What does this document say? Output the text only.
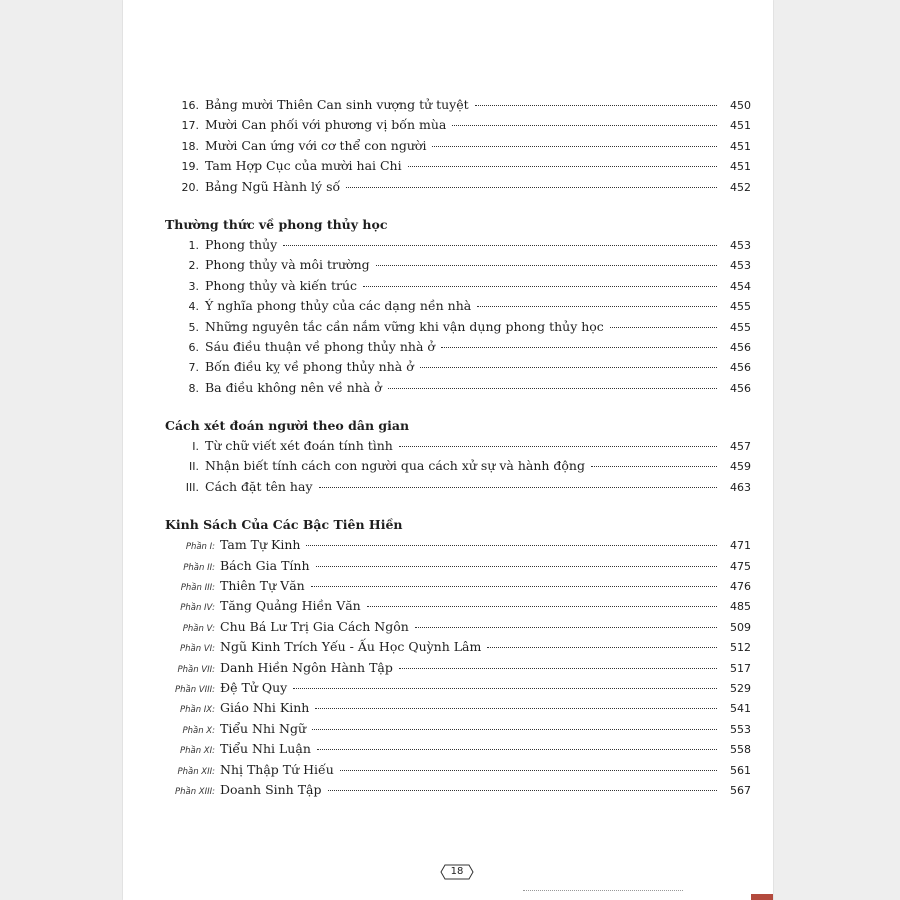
16. Bảng mười Thiên Can sinh vượng tử tuyệt	450
17. Mười Can phối với phương vị bốn mùa	451
18. Mười Can ứng với cơ thể con người	451
19. Tam Hợp Cục của mười hai Chi	451
20. Bảng Ngũ Hành lý số	452
Thường thức về phong thủy học
1. Phong thủy	453
2. Phong thủy và môi trường	453
3. Phong thủy và kiến trúc	454
4. Ý nghĩa phong thủy của các dạng nền nhà	455
5. Những nguyên tắc cần nắm vững khi vận dụng phong thủy học	455
6. Sáu điều thuận về phong thủy nhà ở	456
7. Bốn điều kỵ về phong thủy nhà ở	456
8. Ba điều không nên về nhà ở	456
Cách xét đoán người theo dân gian
I. Từ chữ viết xét đoán tính tình	457
II. Nhận biết tính cách con người qua cách xử sự và hành động	459
III. Cách đặt tên hay	463
Kinh Sách Của Các Bậc Tiên Hiền
Phần I: Tam Tự Kinh	471
Phần II: Bách Gia Tính	475
Phần III: Thiên Tự Văn	476
Phần IV: Tăng Quảng Hiền Văn	485
Phần V: Chu Bá Lư Trị Gia Cách Ngôn	509
Phần VI: Ngũ Kinh Trích Yếu - Ấu Học Quỳnh Lâm	512
Phần VII: Danh Hiền Ngôn Hành Tập	517
Phần VIII: Đệ Tử Quy	529
Phần IX: Giáo Nhi Kinh	541
Phần X: Tiểu Nhi Ngữ	553
Phần XI: Tiểu Nhi Luận	558
Phần XII: Nhị Thập Tứ Hiếu	561
Phần XIII: Doanh Sinh Tập	567
18
